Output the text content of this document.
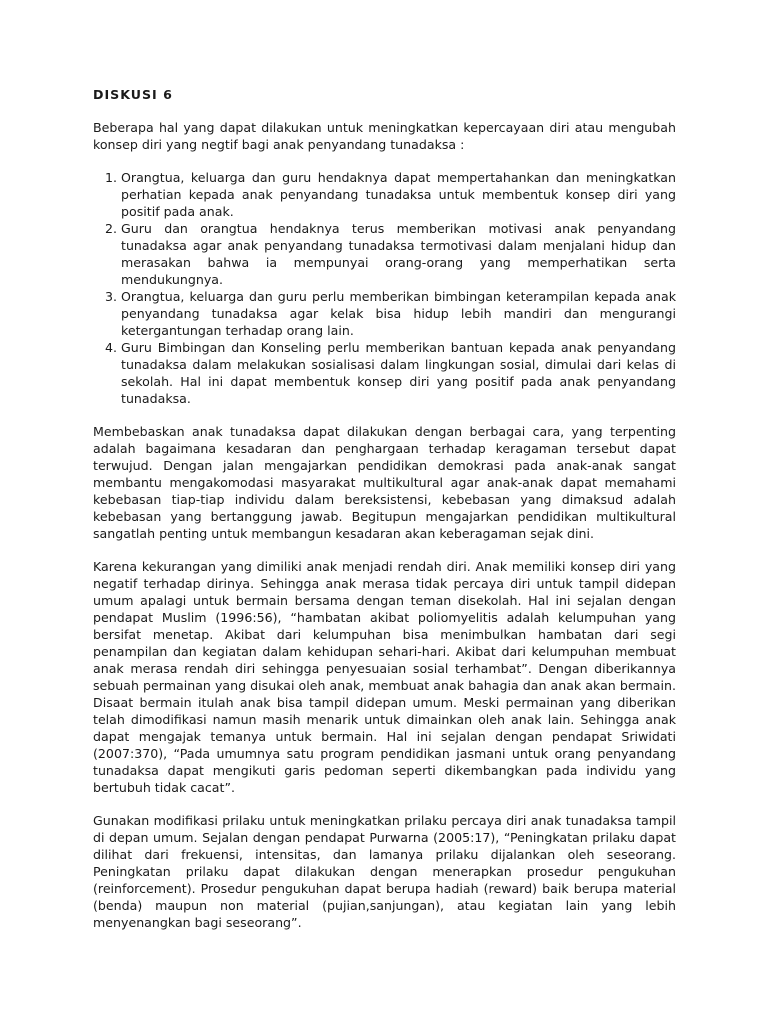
DISKUSI 6

Beberapa hal yang dapat dilakukan untuk meningkatkan kepercayaan diri atau mengubah konsep diri yang negtif bagi anak penyandang tunadaksa :

1. Orangtua, keluarga dan guru hendaknya dapat mempertahankan dan meningkatkan perhatian kepada anak penyandang tunadaksa untuk membentuk konsep diri yang positif pada anak.
2. Guru dan orangtua hendaknya terus memberikan motivasi anak penyandang tunadaksa agar anak penyandang tunadaksa termotivasi dalam menjalani hidup dan merasakan bahwa ia mempunyai orang-orang yang memperhatikan serta mendukungnya.
3. Orangtua, keluarga dan guru perlu memberikan bimbingan keterampilan kepada anak penyandang tunadaksa agar kelak bisa hidup lebih mandiri dan mengurangi ketergantungan terhadap orang lain.
4. Guru Bimbingan dan Konseling perlu memberikan bantuan kepada anak penyandang tunadaksa dalam melakukan sosialisasi dalam lingkungan sosial, dimulai dari kelas di sekolah. Hal ini dapat membentuk konsep diri yang positif pada anak penyandang tunadaksa.

Membebaskan anak tunadaksa dapat dilakukan dengan berbagai cara, yang terpenting adalah bagaimana kesadaran dan penghargaan terhadap keragaman tersebut dapat terwujud. Dengan jalan mengajarkan pendidikan demokrasi pada anak-anak sangat membantu mengakomodasi masyarakat multikultural agar anak-anak dapat memahami kebebasan tiap-tiap individu dalam bereksistensi, kebebasan yang dimaksud adalah kebebasan yang bertanggung jawab. Begitupun mengajarkan pendidikan multikultural sangatlah penting untuk membangun kesadaran akan keberagaman sejak dini.

Karena kekurangan yang dimiliki anak menjadi rendah diri. Anak memiliki konsep diri yang negatif terhadap dirinya. Sehingga anak merasa tidak percaya diri untuk tampil didepan umum apalagi untuk bermain bersama dengan teman disekolah. Hal ini sejalan dengan pendapat Muslim (1996:56), “hambatan akibat poliomyelitis adalah kelumpuhan yang bersifat menetap. Akibat dari kelumpuhan bisa menimbulkan hambatan dari segi penampilan dan kegiatan dalam kehidupan sehari-hari. Akibat dari kelumpuhan membuat anak merasa rendah diri sehingga penyesuaian sosial terhambat”. Dengan diberikannya sebuah permainan yang disukai oleh anak, membuat anak bahagia dan anak akan bermain. Disaat bermain itulah anak bisa tampil didepan umum. Meski permainan yang diberikan telah dimodifikasi namun masih menarik untuk dimainkan oleh anak lain. Sehingga anak dapat mengajak temanya untuk bermain. Hal ini sejalan dengan pendapat Sriwidati (2007:370), “Pada umumnya satu program pendidikan jasmani untuk orang penyandang tunadaksa dapat mengikuti garis pedoman seperti dikembangkan pada individu yang bertubuh tidak cacat”.

Gunakan modifikasi prilaku untuk meningkatkan prilaku percaya diri anak tunadaksa tampil di depan umum. Sejalan dengan pendapat Purwarna (2005:17), “Peningkatan prilaku dapat dilihat dari frekuensi, intensitas, dan lamanya prilaku dijalankan oleh seseorang. Peningkatan prilaku dapat dilakukan dengan menerapkan prosedur pengukuhan (reinforcement). Prosedur pengukuhan dapat berupa hadiah (reward) baik berupa material (benda) maupun non material (pujian,sanjungan), atau kegiatan lain yang lebih menyenangkan bagi seseorang”.
